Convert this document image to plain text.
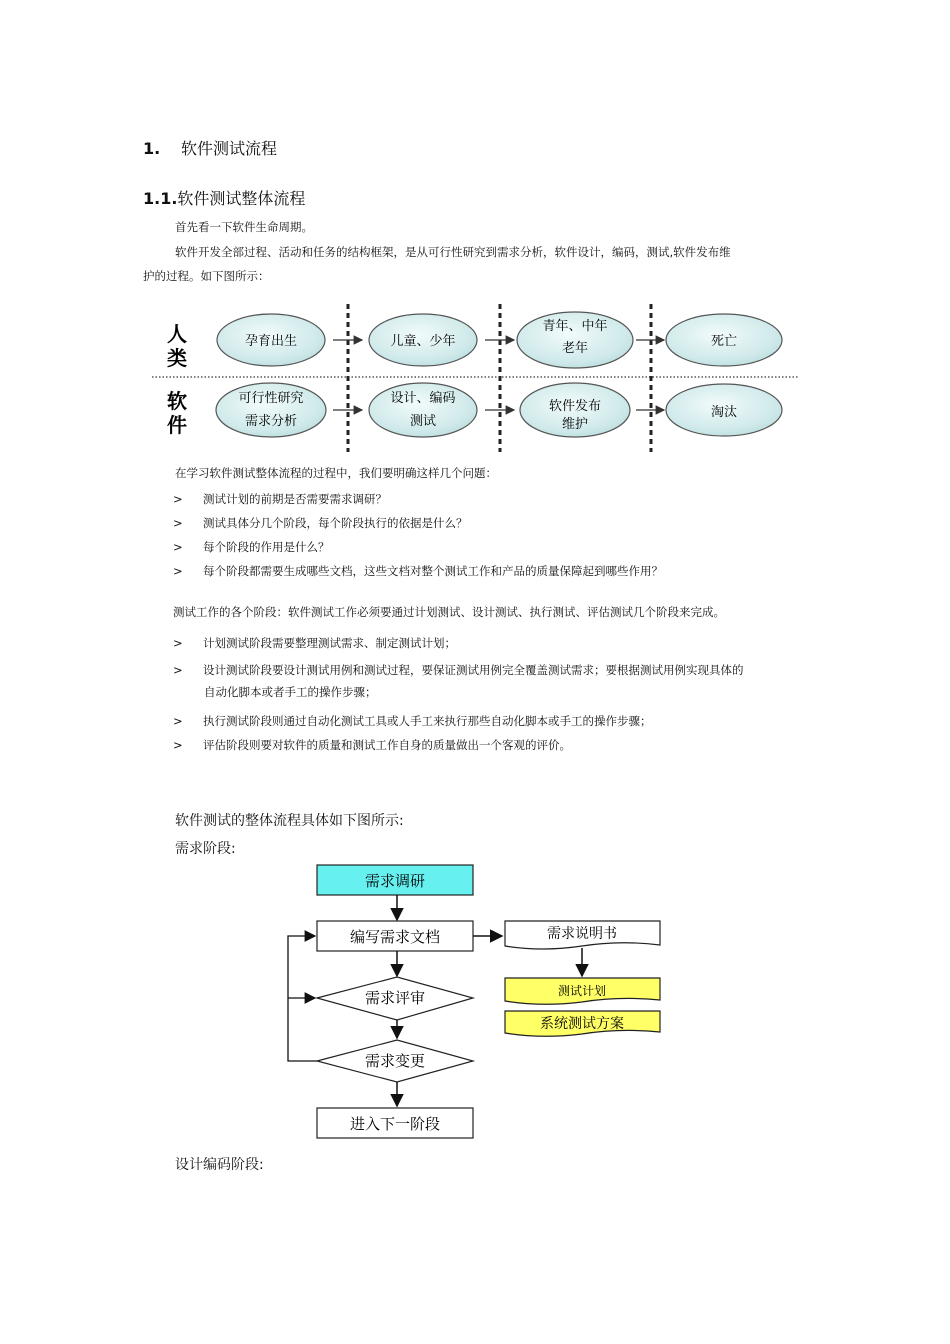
1. 软件测试流程
1.1.软件测试整体流程
首先看一下软件生命周期。
软件开发全部过程、活动和任务的结构框架，是从可行性研究到需求分析，软件设计，编码，测试,软件发布维
护的过程。如下图所示：
人
类
软
件
孕育出生	儿童、少年
青年、中年
老年	死亡
可行性研究
需求分析
设计、编码
测试
软件发布
维护
淘汰
在学习软件测试整体流程的过程中，我们要明确这样几个问题：
> 测试计划的前期是否需要需求调研？
> 测试具体分几个阶段，每个阶段执行的依据是什么？
> 每个阶段的作用是什么？
> 每个阶段都需要生成哪些文档，这些文档对整个测试工作和产品的质量保障起到哪些作用？
测试工作的各个阶段：软件测试工作必须要通过计划测试、设计测试、执行测试、评估测试几个阶段来完成。
> 计划测试阶段需要整理测试需求、制定测试计划；
> 设计测试阶段要设计测试用例和测试过程，要保证测试用例完全覆盖测试需求；要根据测试用例实现具体的
自动化脚本或者手工的操作步骤；
> 执行测试阶段则通过自动化测试工具或人手工来执行那些自动化脚本或手工的操作步骤；
> 评估阶段则要对软件的质量和测试工作自身的质量做出一个客观的评价。
软件测试的整体流程具体如下图所示:
需求阶段:
需求调研
编写需求文档
需求评审
需求变更
进入下一阶段
需求说明书
测试计划
系统测试方案
设计编码阶段:
